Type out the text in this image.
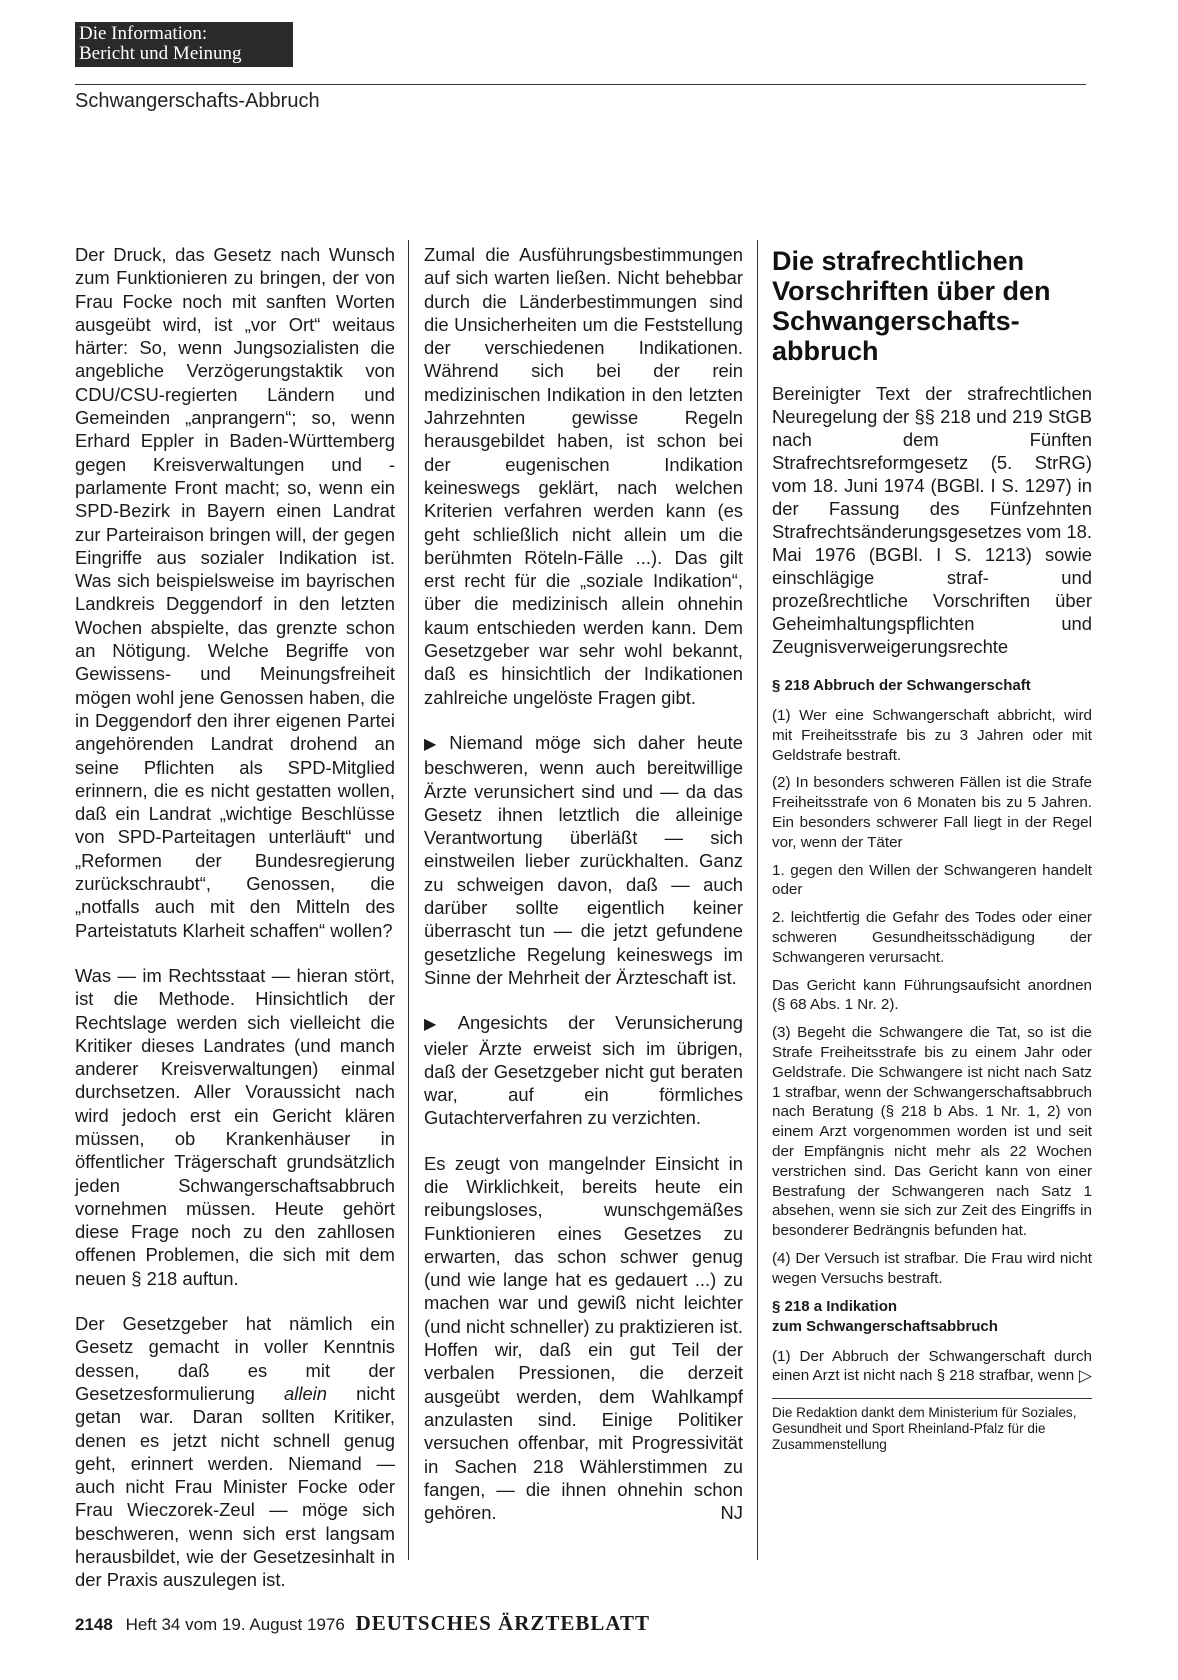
Die Information:
Bericht und Meinung
Schwangerschafts-Abbruch

Der Druck, das Gesetz nach Wunsch zum Funktionieren zu bringen, der von Frau Focke noch mit sanften Worten ausgeübt wird, ist „vor Ort“ weitaus härter: So, wenn Jungsozialisten die angebliche Verzögerungstaktik von CDU/CSU-regierten Ländern und Gemeinden „anprangern“; so, wenn Erhard Eppler in Baden-Württemberg gegen Kreisverwaltungen und -parlamente Front macht; so, wenn ein SPD-Bezirk in Bayern einen Landrat zur Parteiraison bringen will, der gegen Eingriffe aus sozialer Indikation ist. Was sich beispielsweise im bayrischen Landkreis Deggendorf in den letzten Wochen abspielte, das grenzte schon an Nötigung. Welche Begriffe von Gewissens- und Meinungsfreiheit mögen wohl jene Genossen haben, die in Deggendorf den ihrer eigenen Partei angehörenden Landrat drohend an seine Pflichten als SPD-Mitglied erinnern, die es nicht gestatten wollen, daß ein Landrat „wichtige Beschlüsse von SPD-Parteitagen unterläuft“ und „Reformen der Bundesregierung zurückschraubt“, Genossen, die „notfalls auch mit den Mitteln des Parteistatuts Klarheit schaffen“ wollen?

Was — im Rechtsstaat — hieran stört, ist die Methode. Hinsichtlich der Rechtslage werden sich vielleicht die Kritiker dieses Landrates (und manch anderer Kreisverwaltungen) einmal durchsetzen. Aller Voraussicht nach wird jedoch erst ein Gericht klären müssen, ob Krankenhäuser in öffentlicher Trägerschaft grundsätzlich jeden Schwangerschaftsabbruch vornehmen müssen. Heute gehört diese Frage noch zu den zahllosen offenen Problemen, die sich mit dem neuen § 218 auftun.

Der Gesetzgeber hat nämlich ein Gesetz gemacht in voller Kenntnis dessen, daß es mit der Gesetzesformulierung allein nicht getan war. Daran sollten Kritiker, denen es jetzt nicht schnell genug geht, erinnert werden. Niemand — auch nicht Frau Minister Focke oder Frau Wieczorek-Zeul — möge sich beschweren, wenn sich erst langsam herausbildet, wie der Gesetzesinhalt in der Praxis auszulegen ist.

Zumal die Ausführungsbestimmungen auf sich warten ließen. Nicht behebbar durch die Länderbestimmungen sind die Unsicherheiten um die Feststellung der verschiedenen Indikationen. Während sich bei der rein medizinischen Indikation in den letzten Jahrzehnten gewisse Regeln herausgebildet haben, ist schon bei der eugenischen Indikation keineswegs geklärt, nach welchen Kriterien verfahren werden kann (es geht schließlich nicht allein um die berühmten Röteln-Fälle ...). Das gilt erst recht für die „soziale Indikation“, über die medizinisch allein ohnehin kaum entschieden werden kann. Dem Gesetzgeber war sehr wohl bekannt, daß es hinsichtlich der Indikationen zahlreiche ungelöste Fragen gibt.

▶ Niemand möge sich daher heute beschweren, wenn auch bereitwillige Ärzte verunsichert sind und — da das Gesetz ihnen letztlich die alleinige Verantwortung überläßt — sich einstweilen lieber zurückhalten. Ganz zu schweigen davon, daß — auch darüber sollte eigentlich keiner überrascht tun — die jetzt gefundene gesetzliche Regelung keineswegs im Sinne der Mehrheit der Ärzteschaft ist.

▶ Angesichts der Verunsicherung vieler Ärzte erweist sich im übrigen, daß der Gesetzgeber nicht gut beraten war, auf ein förmliches Gutachterverfahren zu verzichten.

Es zeugt von mangelnder Einsicht in die Wirklichkeit, bereits heute ein reibungsloses, wunschgemäßes Funktionieren eines Gesetzes zu erwarten, das schon schwer genug (und wie lange hat es gedauert ...) zu machen war und gewiß nicht leichter (und nicht schneller) zu praktizieren ist. Hoffen wir, daß ein gut Teil der verbalen Pressionen, die derzeit ausgeübt werden, dem Wahlkampf anzulasten sind. Einige Politiker versuchen offenbar, mit Progressivität in Sachen 218 Wählerstimmen zu fangen, — die ihnen ohnehin schon gehören.	NJ

Die strafrechtlichen Vorschriften über den Schwangerschafts-abbruch
Bereinigter Text der strafrechtlichen Neuregelung der §§ 218 und 219 StGB nach dem Fünften Strafrechtsreformgesetz (5. StrRG) vom 18. Juni 1974 (BGBl. I S. 1297) in der Fassung des Fünfzehnten Strafrechtsänderungsgesetzes vom 18. Mai 1976 (BGBl. I S. 1213) sowie einschlägige straf- und prozeßrechtliche Vorschriften über Geheimhaltungspflichten und Zeugnisverweigerungsrechte
§ 218 Abbruch der Schwangerschaft

(1) Wer eine Schwangerschaft abbricht, wird mit Freiheitsstrafe bis zu 3 Jahren oder mit Geldstrafe bestraft.

(2) In besonders schweren Fällen ist die Strafe Freiheitsstrafe von 6 Monaten bis zu 5 Jahren. Ein besonders schwerer Fall liegt in der Regel vor, wenn der Täter

1. gegen den Willen der Schwangeren handelt oder

2. leichtfertig die Gefahr des Todes oder einer schweren Gesundheitsschädigung der Schwangeren verursacht.

Das Gericht kann Führungsaufsicht anordnen (§ 68 Abs. 1 Nr. 2).

(3) Begeht die Schwangere die Tat, so ist die Strafe Freiheitsstrafe bis zu einem Jahr oder Geldstrafe. Die Schwangere ist nicht nach Satz 1 strafbar, wenn der Schwangerschaftsabbruch nach Beratung (§ 218 b Abs. 1 Nr. 1, 2) von einem Arzt vorgenommen worden ist und seit der Empfängnis nicht mehr als 22 Wochen verstrichen sind. Das Gericht kann von einer Bestrafung der Schwangeren nach Satz 1 absehen, wenn sie sich zur Zeit des Eingriffs in besonderer Bedrängnis befunden hat.

(4) Der Versuch ist strafbar. Die Frau wird nicht wegen Versuchs bestraft.

§ 218 a Indikation
zum Schwangerschaftsabbruch

(1) Der Abbruch der Schwangerschaft durch einen Arzt ist nicht nach § 218 strafbar, wenn ▷

Die Redaktion dankt dem Ministerium für Soziales, Gesundheit und Sport Rheinland-Pfalz für die Zusammenstellung
2148 Heft 34 vom 19. August 1976 DEUTSCHES ÄRZTEBLATT
